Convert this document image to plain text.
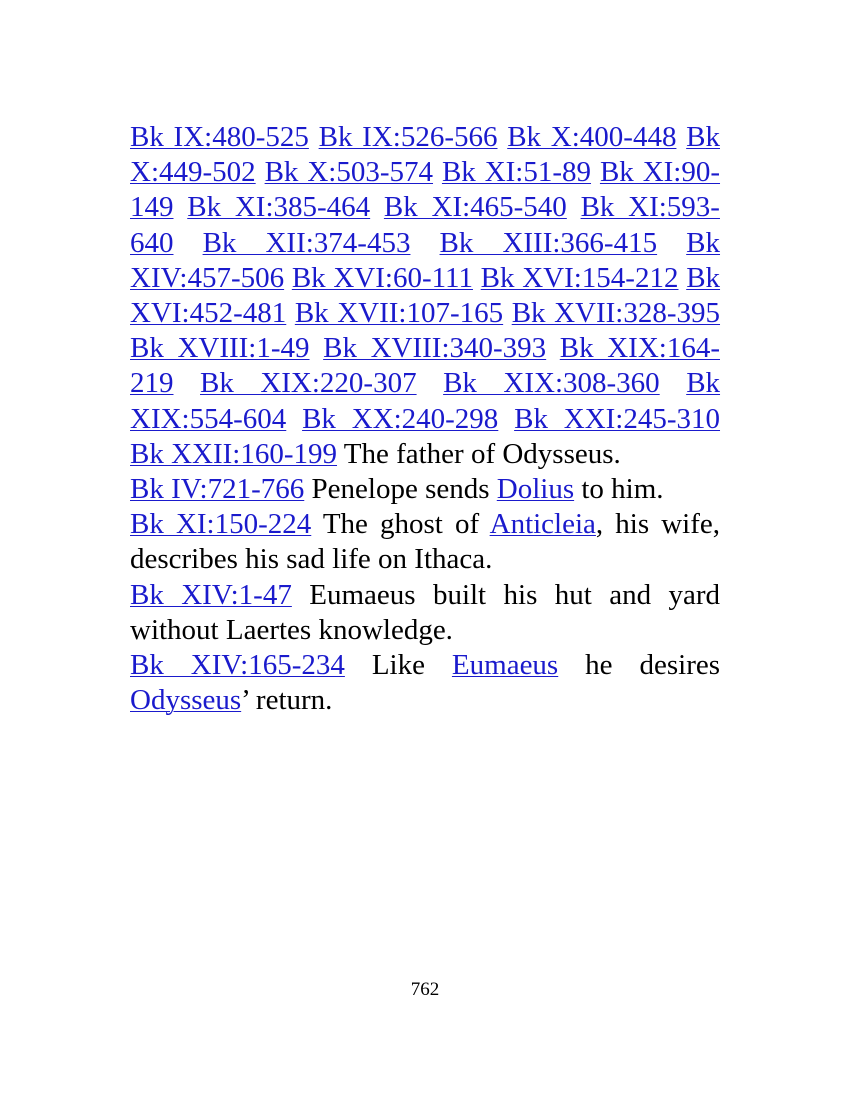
Bk IX:480-525 Bk IX:526-566 Bk X:400-448 Bk X:449-502 Bk X:503-574 Bk XI:51-89 Bk XI:90-149 Bk XI:385-464 Bk XI:465-540 Bk XI:593-640 Bk XII:374-453 Bk XIII:366-415 Bk XIV:457-506 Bk XVI:60-111 Bk XVI:154-212 Bk XVI:452-481 Bk XVII:107-165 Bk XVII:328-395 Bk XVIII:1-49 Bk XVIII:340-393 Bk XIX:164-219 Bk XIX:220-307 Bk XIX:308-360 Bk XIX:554-604 Bk XX:240-298 Bk XXI:245-310 Bk XXII:160-199 The father of Odysseus.

Bk IV:721-766 Penelope sends Dolius to him.

Bk XI:150-224 The ghost of Anticleia, his wife, describes his sad life on Ithaca.

Bk XIV:1-47 Eumaeus built his hut and yard without Laertes knowledge.

Bk XIV:165-234 Like Eumaeus he desires Odysseus’ return.

762
